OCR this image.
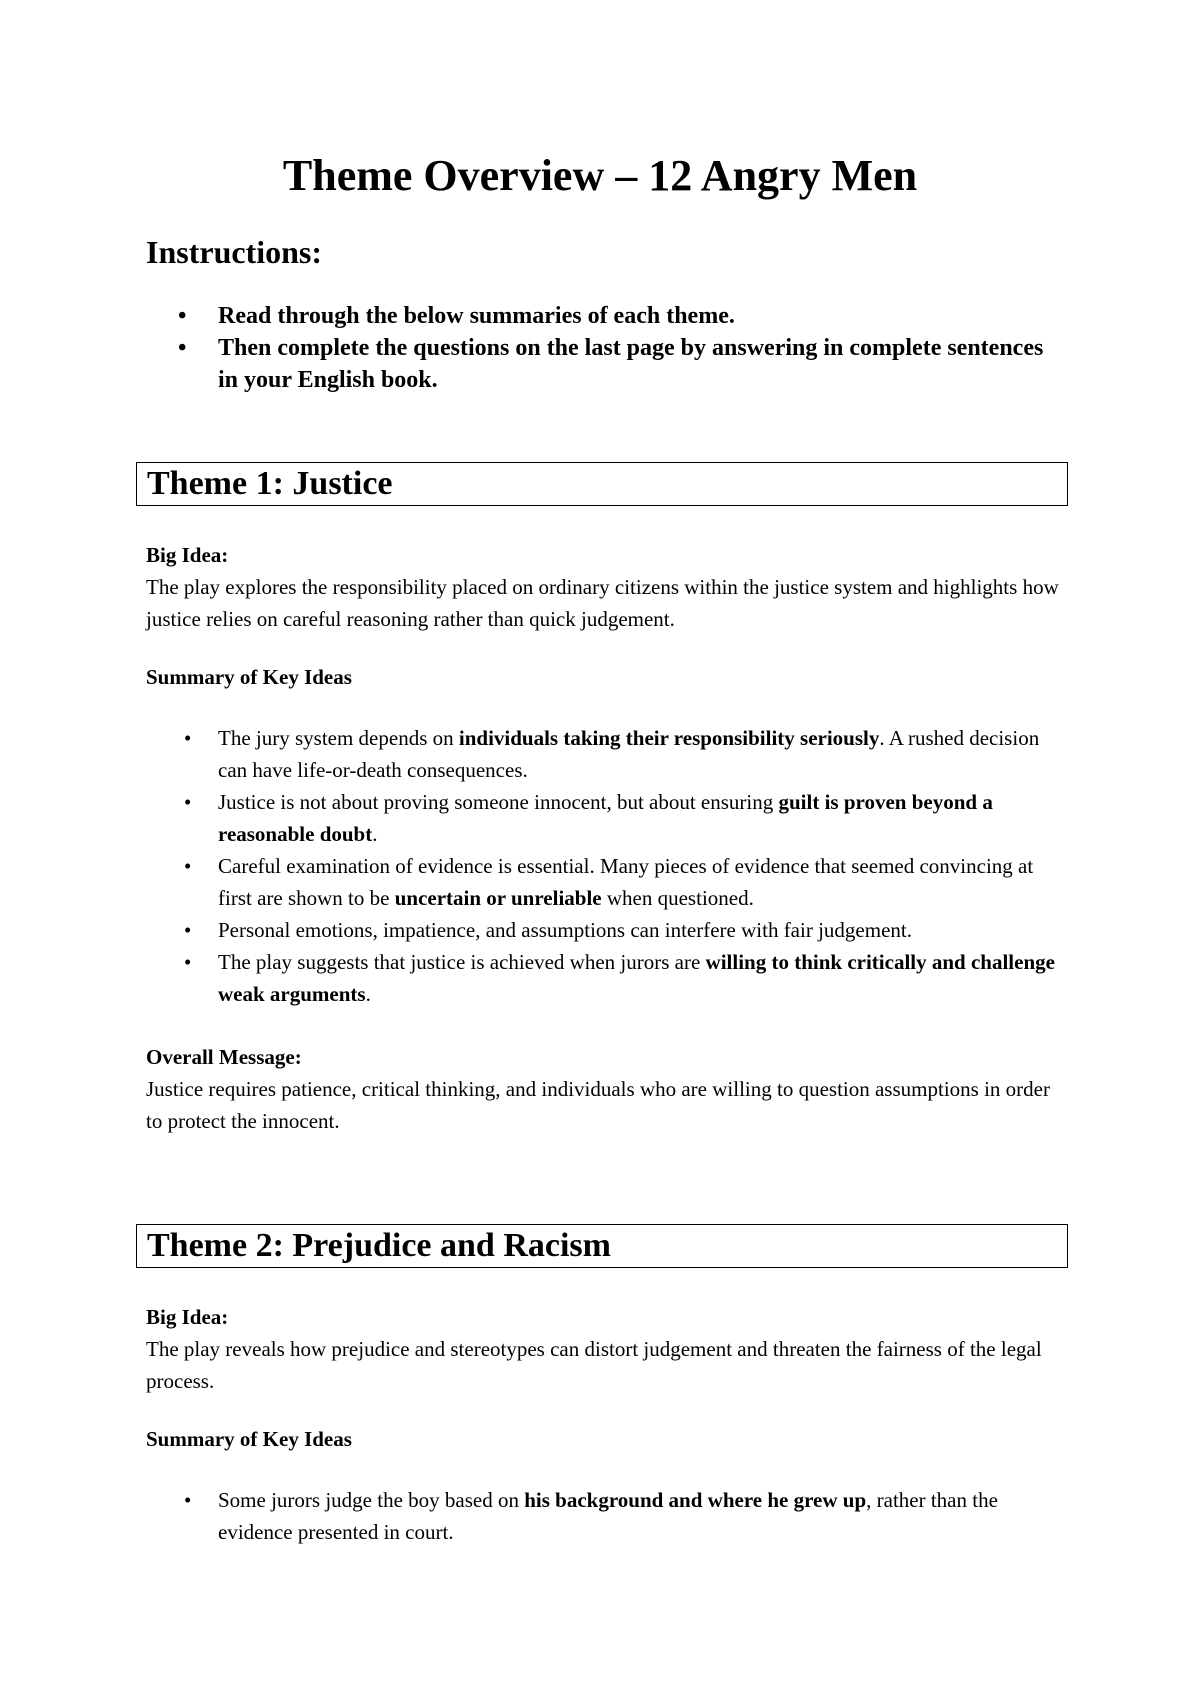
Theme Overview – 12 Angry Men
Instructions:
• Read through the below summaries of each theme.
• Then complete the questions on the last page by answering in complete sentences in your English book.
Theme 1: Justice
Big Idea:
The play explores the responsibility placed on ordinary citizens within the justice system and highlights how justice relies on careful reasoning rather than quick judgement.
Summary of Key Ideas
• The jury system depends on individuals taking their responsibility seriously. A rushed decision can have life-or-death consequences.
• Justice is not about proving someone innocent, but about ensuring guilt is proven beyond a reasonable doubt.
• Careful examination of evidence is essential. Many pieces of evidence that seemed convincing at first are shown to be uncertain or unreliable when questioned.
• Personal emotions, impatience, and assumptions can interfere with fair judgement.
• The play suggests that justice is achieved when jurors are willing to think critically and challenge weak arguments.
Overall Message:
Justice requires patience, critical thinking, and individuals who are willing to question assumptions in order to protect the innocent.
Theme 2: Prejudice and Racism
Big Idea:
The play reveals how prejudice and stereotypes can distort judgement and threaten the fairness of the legal process.
Summary of Key Ideas
• Some jurors judge the boy based on his background and where he grew up, rather than the evidence presented in court.
